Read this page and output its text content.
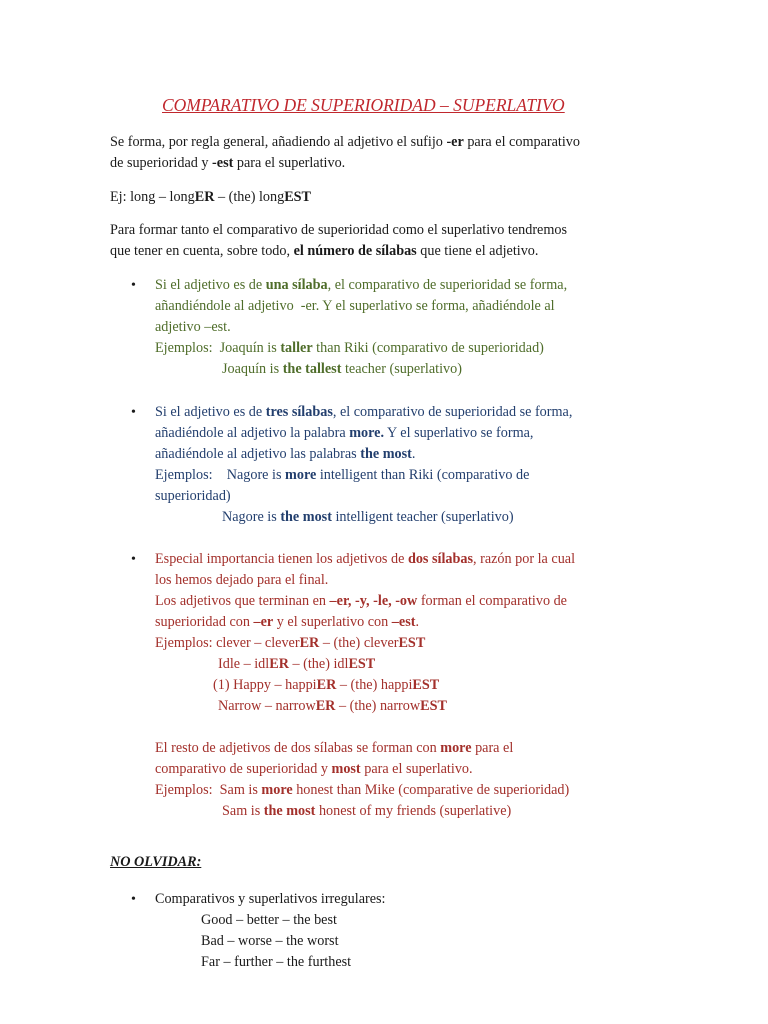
COMPARATIVO DE SUPERIORIDAD – SUPERLATIVO
Se forma, por regla general, añadiendo al adjetivo el sufijo -er para el comparativo
de superioridad y -est para el superlativo.
Ej: long – longER – (the) longEST
Para formar tanto el comparativo de superioridad como el superlativo tendremos
que tener en cuenta, sobre todo, el número de sílabas que tiene el adjetivo.
• Si el adjetivo es de una sílaba, el comparativo de superioridad se forma,
añandiéndole al adjetivo  -er. Y el superlativo se forma, añadiéndole al
adjetivo –est.
Ejemplos:  Joaquín is taller than Riki (comparativo de superioridad)
Joaquín is the tallest teacher (superlativo)
• Si el adjetivo es de tres sílabas, el comparativo de superioridad se forma,
añadiéndole al adjetivo la palabra more. Y el superlativo se forma,
añadiéndole al adjetivo las palabras the most.
Ejemplos:    Nagore is more intelligent than Riki (comparativo de
superioridad)
Nagore is the most intelligent teacher (superlativo)
• Especial importancia tienen los adjetivos de dos sílabas, razón por la cual
los hemos dejado para el final.
Los adjetivos que terminan en –er, -y, -le, -ow forman el comparativo de
superioridad con –er y el superlativo con –est.
Ejemplos: clever – cleverER – (the) cleverEST
Idle – idlER – (the) idlEST
(1) Happy – happiER – (the) happiEST
Narrow – narrowER – (the) narrowEST
El resto de adjetivos de dos sílabas se forman con more para el
comparativo de superioridad y most para el superlativo.
Ejemplos:  Sam is more honest than Mike (comparative de superioridad)
Sam is the most honest of my friends (superlative)
NO OLVIDAR:
• Comparativos y superlativos irregulares:
Good – better – the best
Bad – worse – the worst
Far – further – the furthest
